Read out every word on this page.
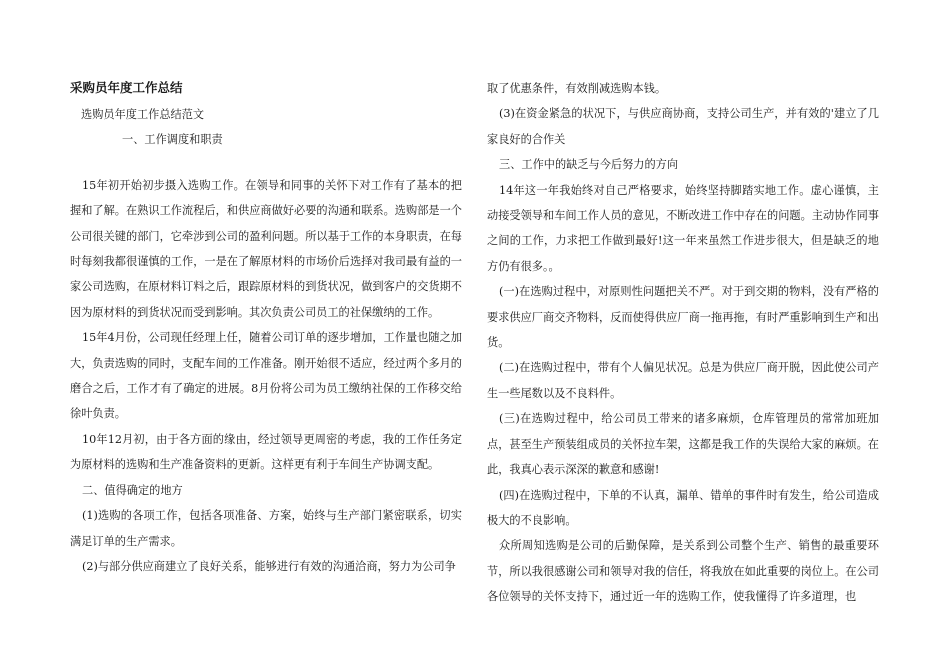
采购员年度工作总结
选购员年度工作总结范文
一、工作调度和职责

15年初开始初步摄入选购工作。在领导和同事的关怀下对工作有了基本的把握和了解。在熟识工作流程后，和供应商做好必要的沟通和联系。选购部是一个公司很关键的部门，它牵涉到公司的盈利问题。所以基于工作的本身职责，在每时每刻我都很谨慎的工作，一是在了解原材料的市场价后选择对我司最有益的一家公司选购，在原材料订料之后，跟踪原材料的到货状况，做到客户的交货期不因为原材料的到货状况而受到影响。其次负责公司员工的社保缴纳的工作。

15年4月份，公司现任经理上任，随着公司订单的逐步增加，工作量也随之加大，负责选购的同时，支配车间的工作准备。刚开始很不适应，经过两个多月的磨合之后，工作才有了确定的进展。8月份将公司为员工缴纳社保的工作移交给徐叶负责。

10年12月初，由于各方面的缘由，经过领导更周密的考虑，我的工作任务定为原材料的选购和生产准备资料的更新。这样更有利于车间生产协调支配。

二、值得确定的地方

(1)选购的各项工作，包括各项准备、方案，始终与生产部门紧密联系，切实满足订单的生产需求。

(2)与部分供应商建立了良好关系，能够进行有效的沟通洽商，努力为公司争

取了优惠条件，有效削减选购本钱。

(3)在资金紧急的状况下，与供应商协商，支持公司生产，并有效的'建立了几家良好的合作关

三、工作中的缺乏与今后努力的方向

14年这一年我始终对自己严格要求，始终坚持脚踏实地工作。虚心谨慎，主动接受领导和车间工作人员的意见，不断改进工作中存在的问题。主动协作同事之间的工作，力求把工作做到最好!这一年来虽然工作进步很大，但是缺乏的地方仍有很多。。

(一)在选购过程中，对原则性问题把关不严。对于到交期的物料，没有严格的要求供应厂商交齐物料，反而使得供应厂商一拖再拖，有时严重影响到生产和出货。

(二)在选购过程中，带有个人偏见状况。总是为供应厂商开脱，因此使公司产生一些尾数以及不良料件。

(三)在选购过程中，给公司员工带来的诸多麻烦，仓库管理员的常常加班加点，甚至生产预装组成员的关怀拉车架，这都是我工作的失误给大家的麻烦。在此，我真心表示深深的歉意和感谢!

(四)在选购过程中，下单的不认真，漏单、错单的事件时有发生，给公司造成极大的不良影响。

众所周知选购是公司的后勤保障，是关系到公司整个生产、销售的最重要环节，所以我很感谢公司和领导对我的信任，将我放在如此重要的岗位上。在公司各位领导的关怀支持下，通过近一年的选购工作，使我懂得了许多道理，也
